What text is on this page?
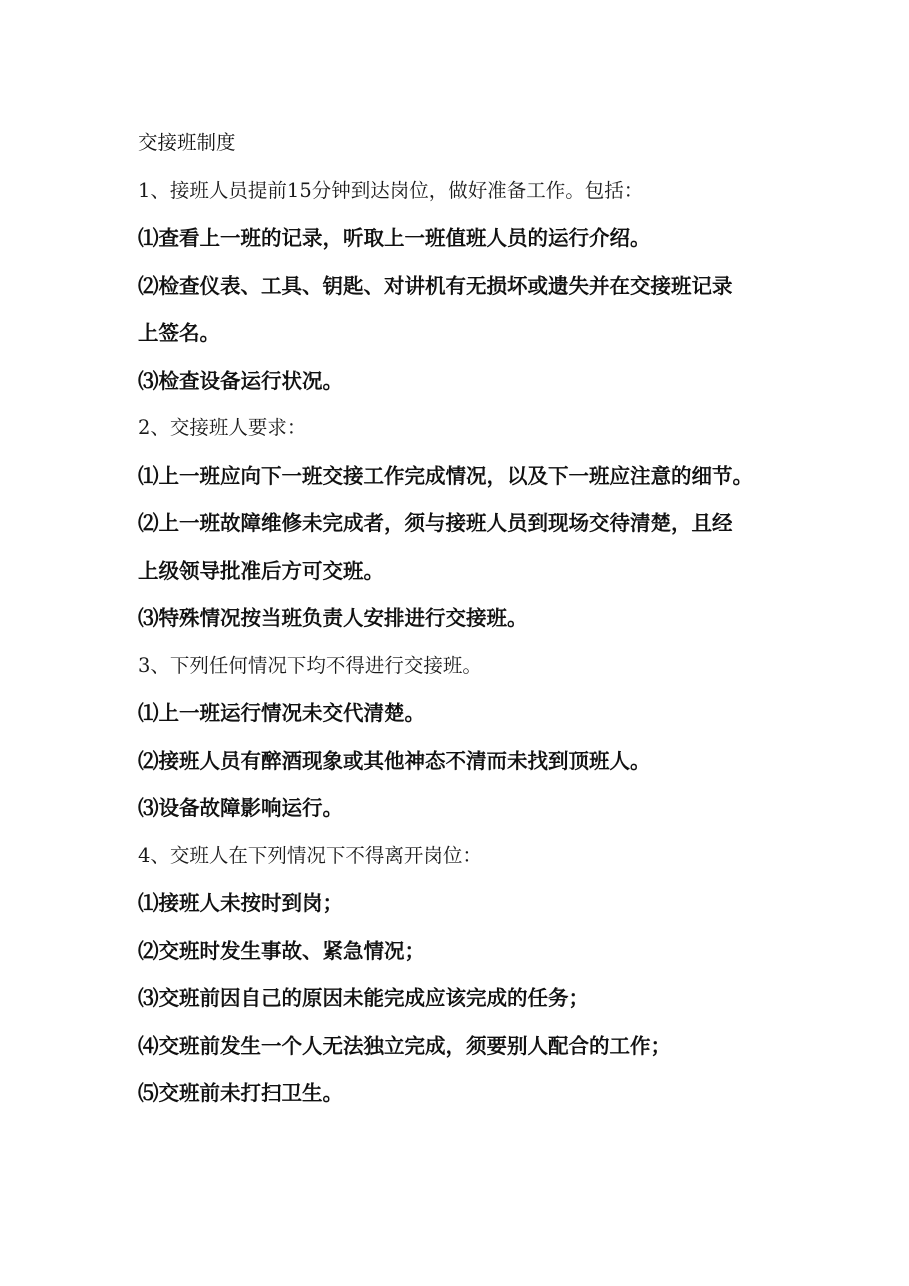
交接班制度
1、接班人员提前15分钟到达岗位，做好准备工作。包括：
⑴查看上一班的记录，听取上一班值班人员的运行介绍。
⑵检查仪表、工具、钥匙、对讲机有无损坏或遗失并在交接班记录
上签名。
⑶检查设备运行状况。
2、交接班人要求：
⑴上一班应向下一班交接工作完成情况，以及下一班应注意的细节。
⑵上一班故障维修未完成者，须与接班人员到现场交待清楚，且经
上级领导批准后方可交班。
⑶特殊情况按当班负责人安排进行交接班。
3、下列任何情况下均不得进行交接班。
⑴上一班运行情况未交代清楚。
⑵接班人员有醉酒现象或其他神态不清而未找到顶班人。
⑶设备故障影响运行。
4、交班人在下列情况下不得离开岗位：
⑴接班人未按时到岗；
⑵交班时发生事故、紧急情况；
⑶交班前因自己的原因未能完成应该完成的任务；
⑷交班前发生一个人无法独立完成，须要别人配合的工作；
⑸交班前未打扫卫生。
